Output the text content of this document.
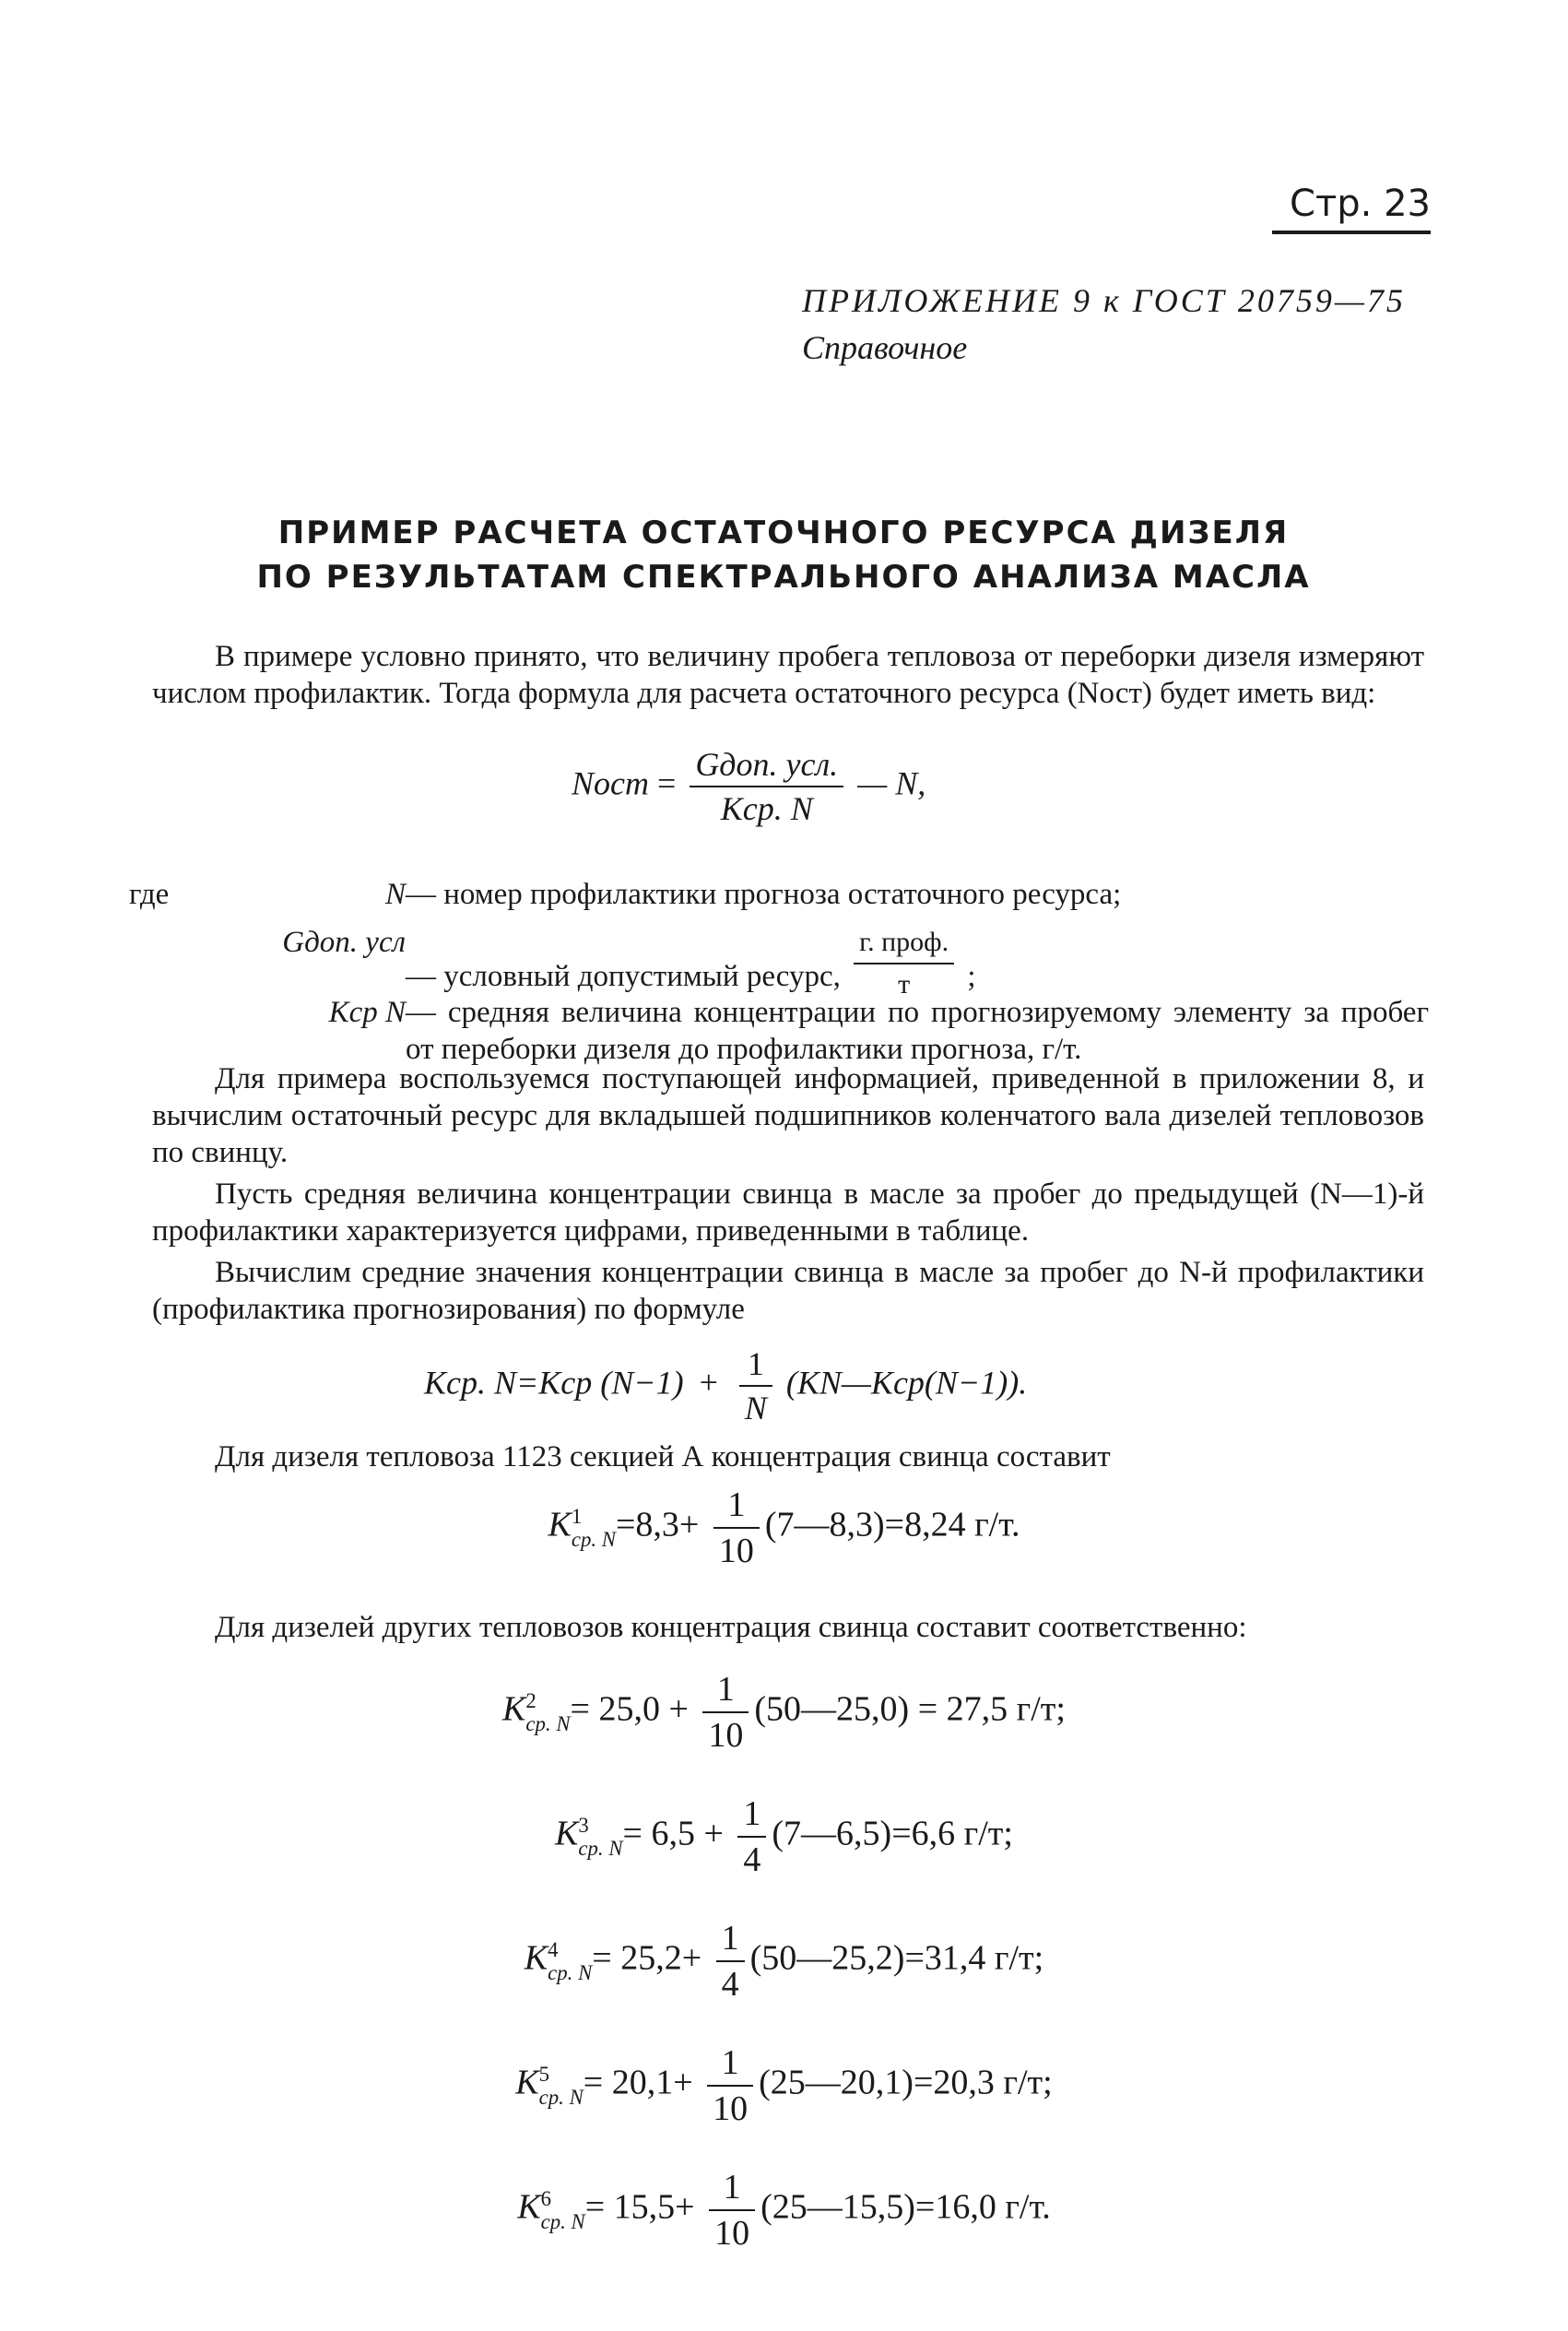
Стр. 23
ПРИЛОЖЕНИЕ 9 к ГОСТ 20759—75
Справочное
ПРИМЕР РАСЧЕТА ОСТАТОЧНОГО РЕСУРСА ДИЗЕЛЯ
ПО РЕЗУЛЬТАТАМ СПЕКТРАЛЬНОГО АНАЛИЗА МАСЛА
В примере условно принято, что величину пробега тепловоза от переборки дизеля измеряют числом профилактик. Тогда формула для расчета остаточного ресурса (Nост) будет иметь вид:
Nост = $\frac{\text{Gдоп. усл.}}{\text{Kср. N}}$ — N,
где	N — номер профилактики прогноза остаточного ресурса;
Gдоп. усл
— условный допустимый ресурс, $\frac{\text{г. проф.}}{т}$ ;
Kср N — средняя величина концентрации по прогнозируемому элементу за пробег от переборки дизеля до профилактики прогноза, г/т.
Для примера воспользуемся поступающей информацией, приведенной в приложении 8, и вычислим остаточный ресурс для вкладышей подшипников коленчатого вала дизелей тепловозов по свинцу.
Пусть средняя величина концентрации свинца в масле за пробег до предыдущей (N—1)-й профилактики характеризуется цифрами, приведенными в таблице.
Вычислим средние значения концентрации свинца в масле за пробег до N-й профилактики (профилактика прогнозирования) по формуле
Kср. N=Kср $(N-1) + \frac{1}{N}$ (KN—Kср(N−1)).
Для дизеля тепловоза 1123 секцией А концентрация свинца составит
K 1
ср. $N =8,3+ \frac{1}{10}$ (7—8,3)=8,24 г/т.
Для дизелей других тепловозов концентрация свинца составит соответственно:
K 2
ср. $N = 25,0 + \frac{1}{10}$ (50—25,0) = 27,5 г/т;
K 3
ср. $N = 6,5 + \frac{1}{4}$ (7—6,5)=6,6 г/т;
K 4
ср. $N = 25,2+ \frac{1}{4}$ (50—25,2)=31,4 г/т;
K 5
ср. $N = 20,1+ \frac{1}{10}$ (25—20,1)=20,3 г/т;
K 6
ср. $N = 15,5+ \frac{1}{10}$ (25—15,5)=16,0 г/т.
